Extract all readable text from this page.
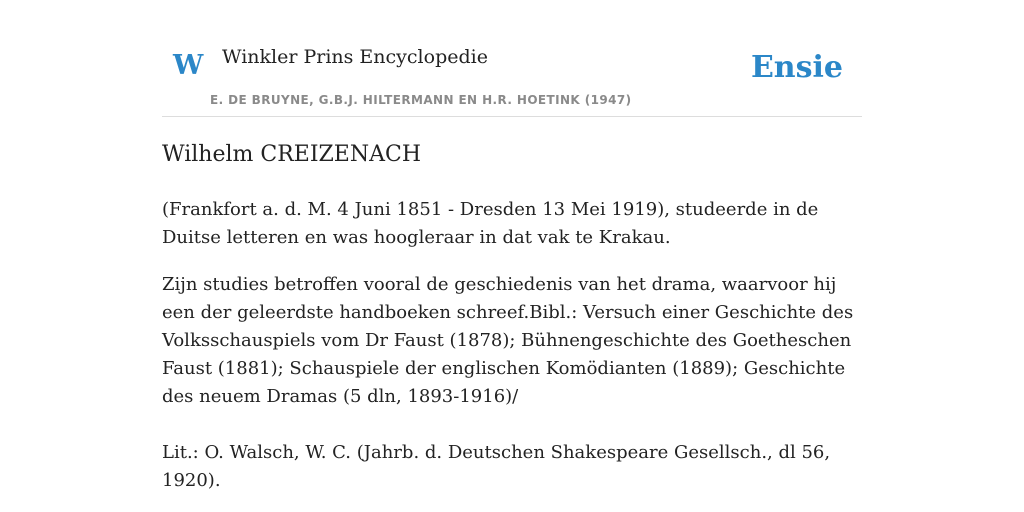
W Winkler Prins Encyclopedie
E. DE BRUYNE, G.B.J. HILTERMANN EN H.R. HOETINK (1947)
Ensie
Wilhelm CREIZENACH

(Frankfort a. d. M. 4 Juni 1851 - Dresden 13 Mei 1919), studeerde in de Duitse letteren en was hoogleraar in dat vak te Krakau.

Zijn studies betroffen vooral de geschiedenis van het drama, waarvoor hij een der geleerdste handboeken schreef.Bibl.: Versuch einer Geschichte des Volksschauspiels vom Dr Faust (1878); Bühnengeschichte des Goetheschen Faust (1881); Schauspiele der englischen Komödianten (1889); Geschichte des neuem Dramas (5 dln, 1893-1916)/

Lit.: O. Walsch, W. C. (Jahrb. d. Deutschen Shakespeare Gesellsch., dl 56, 1920).
